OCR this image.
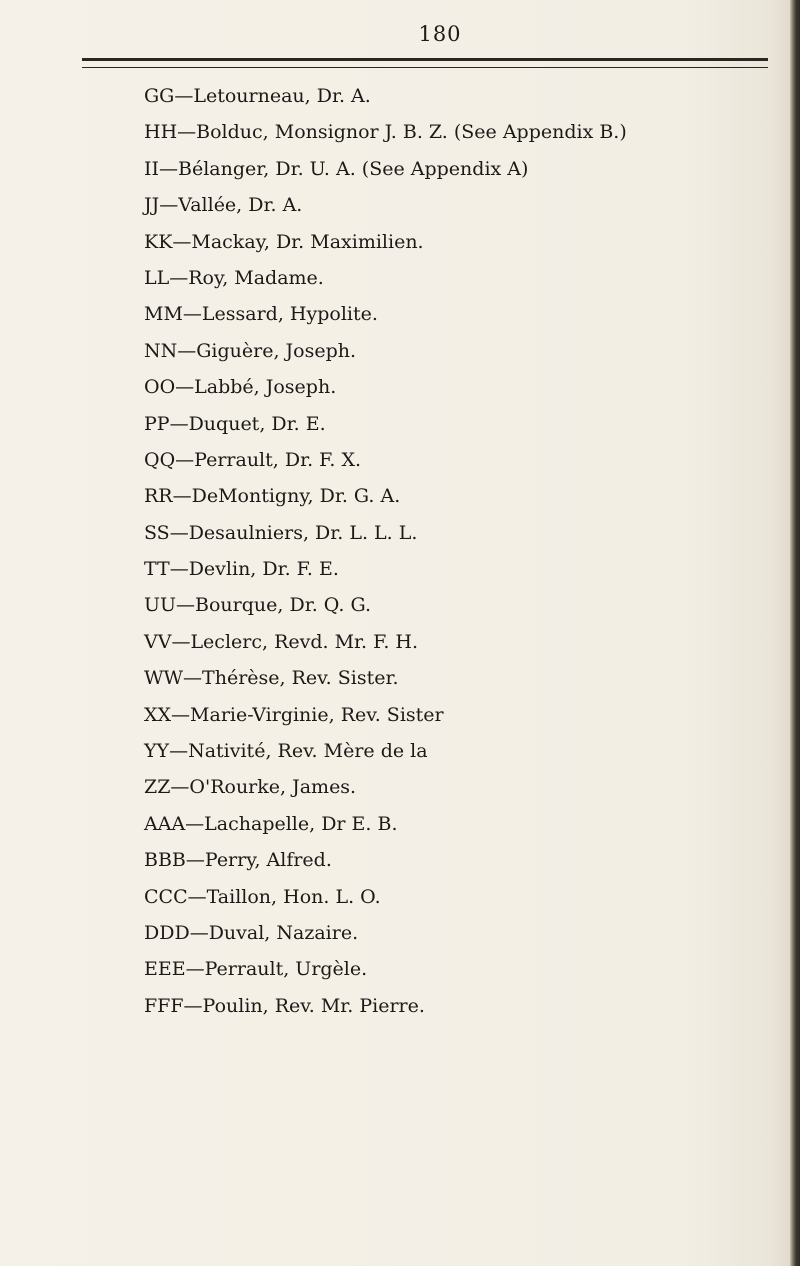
180
GG—Letourneau, Dr. A.
HH—Bolduc, Monsignor J. B. Z. (See Appendix B.)
II—Bélanger, Dr. U. A. (See Appendix A)
JJ—Vallée, Dr. A.
KK—Mackay, Dr. Maximilien.
LL—Roy, Madame.
MM—Lessard, Hypolite.
NN—Giguère, Joseph.
OO—Labbé, Joseph.
PP—Duquet, Dr. E.
QQ—Perrault, Dr. F. X.
RR—DeMontigny, Dr. G. A.
SS—Desaulniers, Dr. L. L. L.
TT—Devlin, Dr. F. E.
UU—Bourque, Dr. Q. G.
VV—Leclerc, Revd. Mr. F. H.
WW—Thérèse, Rev. Sister.
XX—Marie-Virginie, Rev. Sister
YY—Nativité, Rev. Mère de la
ZZ—O'Rourke, James.
AAA—Lachapelle, Dr E. B.
BBB—Perry, Alfred.
CCC—Taillon, Hon. L. O.
DDD—Duval, Nazaire.
EEE—Perrault, Urgèle.
FFF—Poulin, Rev. Mr. Pierre.
